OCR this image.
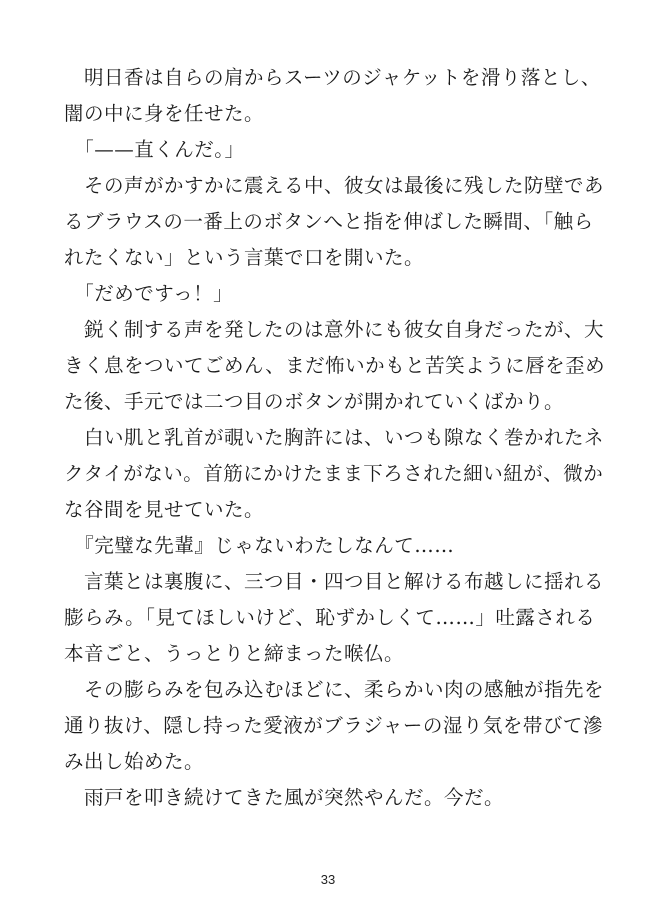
　明日香は自らの肩からスーツのジャケットを滑り落とし、
闇の中に身を任せた。
　「——直くんだ。」
　その声がかすかに震える中、彼女は最後に残した防壁であ
るブラウスの一番上のボタンへと指を伸ばした瞬間、「触ら
れたくない」という言葉で口を開いた。
　「だめですっ！」
　鋭く制する声を発したのは意外にも彼女自身だったが、大
きく息をついてごめん、まだ怖いかもと苦笑ように唇を歪め
た後、手元では二つ目のボタンが開かれていくばかり。
　白い肌と乳首が覗いた胸許には、いつも隙なく巻かれたネ
クタイがない。首筋にかけたまま下ろされた細い紐が、微か
な谷間を見せていた。
　『完璧な先輩』じゃないわたしなんて……
　言葉とは裏腹に、三つ目・四つ目と解ける布越しに揺れる
膨らみ。「見てほしいけど、恥ずかしくて……」吐露される
本音ごと、うっとりと締まった喉仏。
　その膨らみを包み込むほどに、柔らかい肉の感触が指先を
通り抜け、隠し持った愛液がブラジャーの湿り気を帯びて滲
み出し始めた。
　雨戸を叩き続けてきた風が突然やんだ。今だ。
33
